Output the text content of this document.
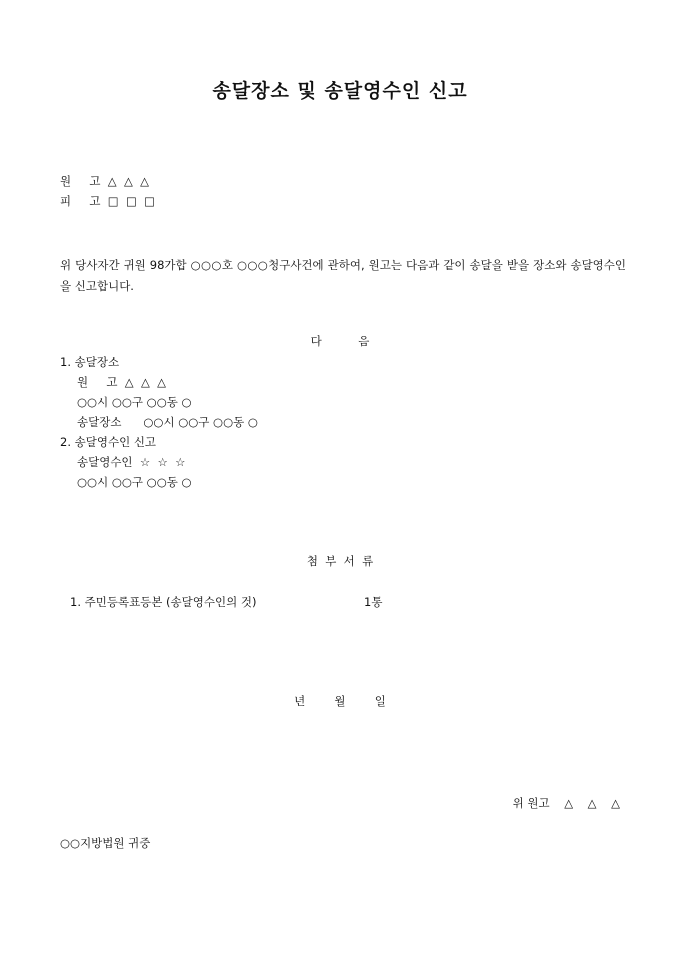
송달장소 및 송달영수인 신고
원     고  △  △  △
피     고  □  □  □
위 당사자간 귀원 98가합 ○○○호 ○○○청구사건에 관하여, 원고는 다음과 같이 송달을 받을 장소와 송달영수인을 신고합니다.
다          음
1. 송달장소
원     고  △  △  △
○○시 ○○구 ○○동 ○
송달장소      ○○시 ○○구 ○○동 ○
2. 송달영수인 신고
송달영수인  ☆  ☆  ☆
○○시 ○○구 ○○동 ○
첨  부  서  류
1. 주민등록표등본 (송달영수인의 것)	1통
년        월        일
위 원고    △    △    △
○○지방법원 귀중
